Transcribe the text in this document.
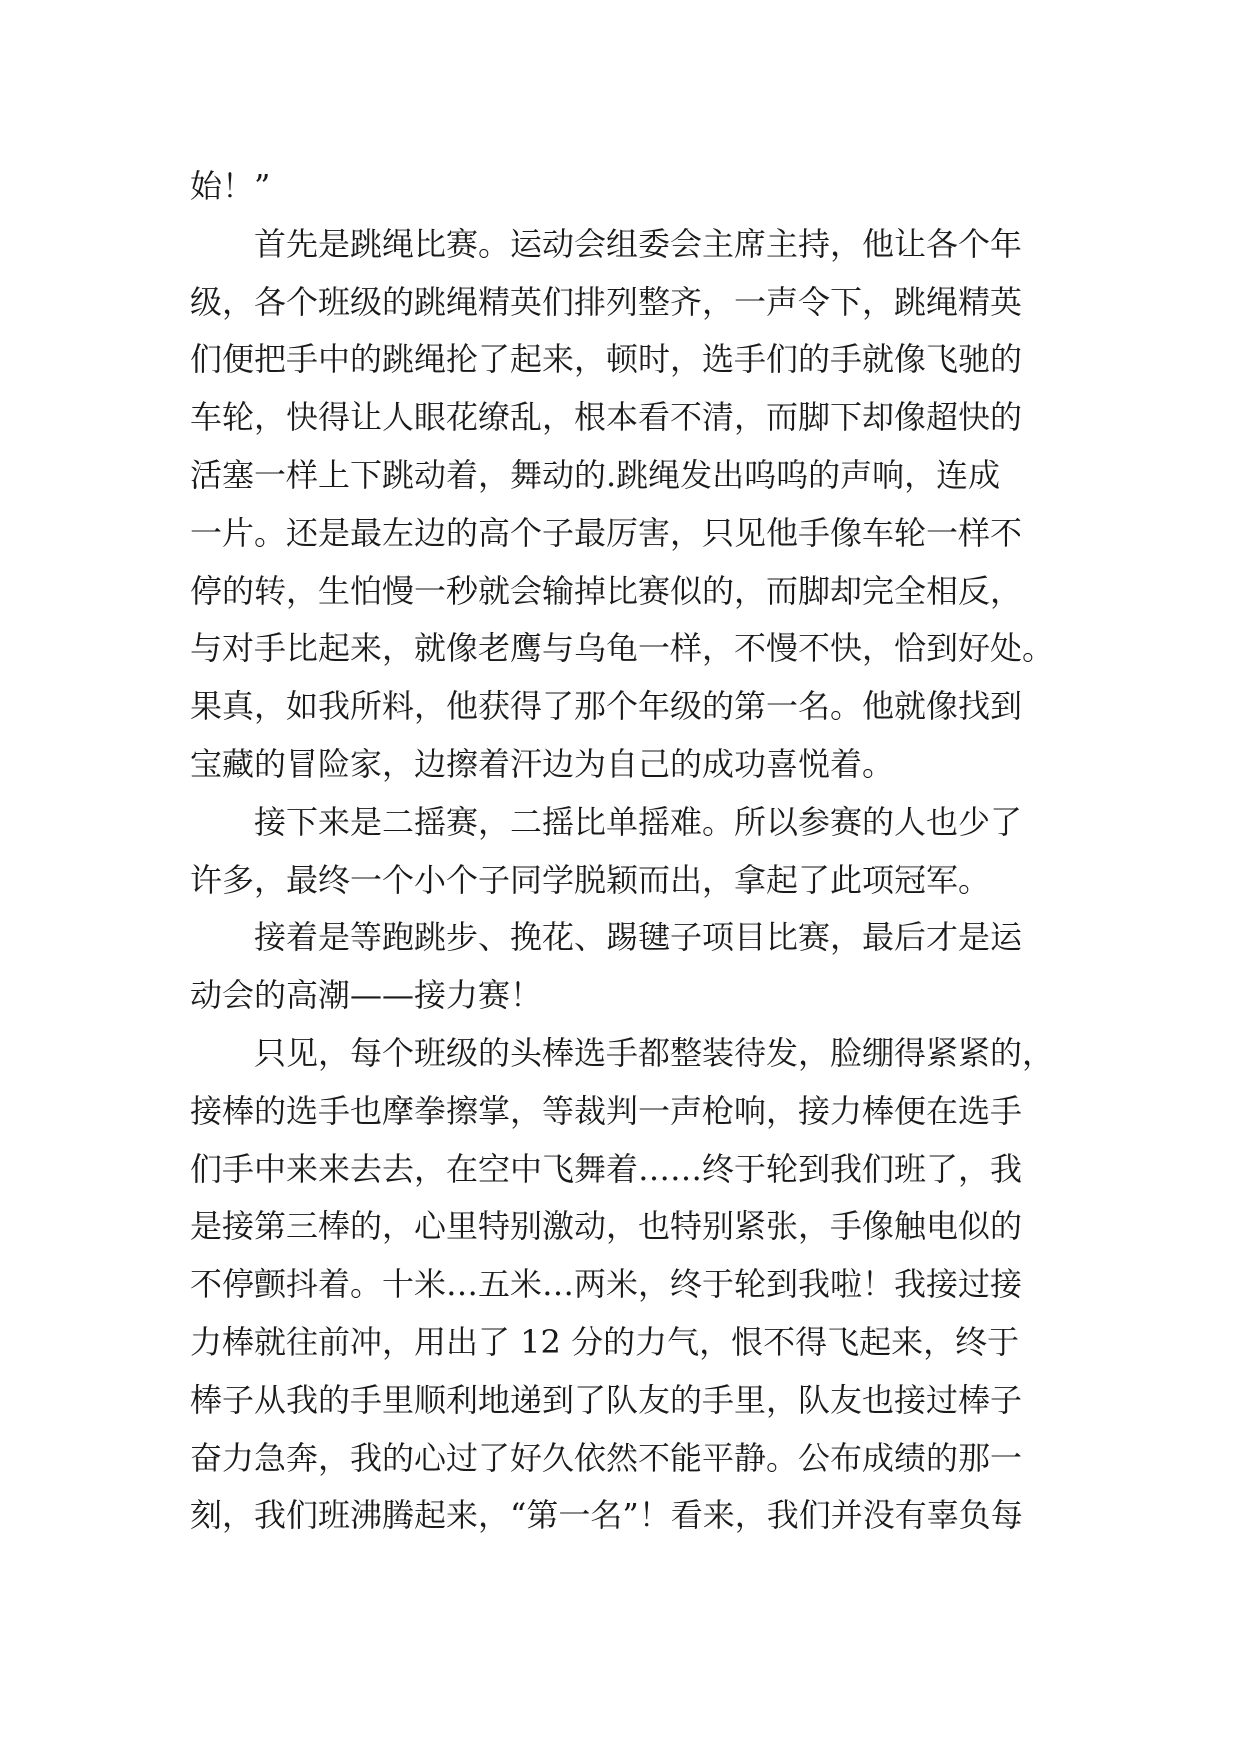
始！”
首先是跳绳比赛。运动会组委会主席主持，他让各个年
级，各个班级的跳绳精英们排列整齐，一声令下，跳绳精英
们便把手中的跳绳抡了起来，顿时，选手们的手就像飞驰的
车轮，快得让人眼花缭乱，根本看不清，而脚下却像超快的
活塞一样上下跳动着，舞动的.跳绳发出呜呜的声响，连成
一片。还是最左边的高个子最厉害，只见他手像车轮一样不
停的转，生怕慢一秒就会输掉比赛似的，而脚却完全相反，
与对手比起来，就像老鹰与乌龟一样，不慢不快，恰到好处。
果真，如我所料，他获得了那个年级的第一名。他就像找到
宝藏的冒险家，边擦着汗边为自己的成功喜悦着。
接下来是二摇赛，二摇比单摇难。所以参赛的人也少了
许多，最终一个小个子同学脱颖而出，拿起了此项冠军。
接着是等跑跳步、挽花、踢毽子项目比赛，最后才是运
动会的高潮——接力赛！
只见，每个班级的头棒选手都整装待发，脸绷得紧紧的，
接棒的选手也摩拳擦掌，等裁判一声枪响，接力棒便在选手
们手中来来去去，在空中飞舞着……终于轮到我们班了，我
是接第三棒的，心里特别激动，也特别紧张，手像触电似的
不停颤抖着。十米…五米…两米，终于轮到我啦！我接过接
力棒就往前冲，用出了 12 分的力气，恨不得飞起来，终于
棒子从我的手里顺利地递到了队友的手里，队友也接过棒子
奋力急奔，我的心过了好久依然不能平静。公布成绩的那一
刻，我们班沸腾起来，“第一名”！看来，我们并没有辜负每
